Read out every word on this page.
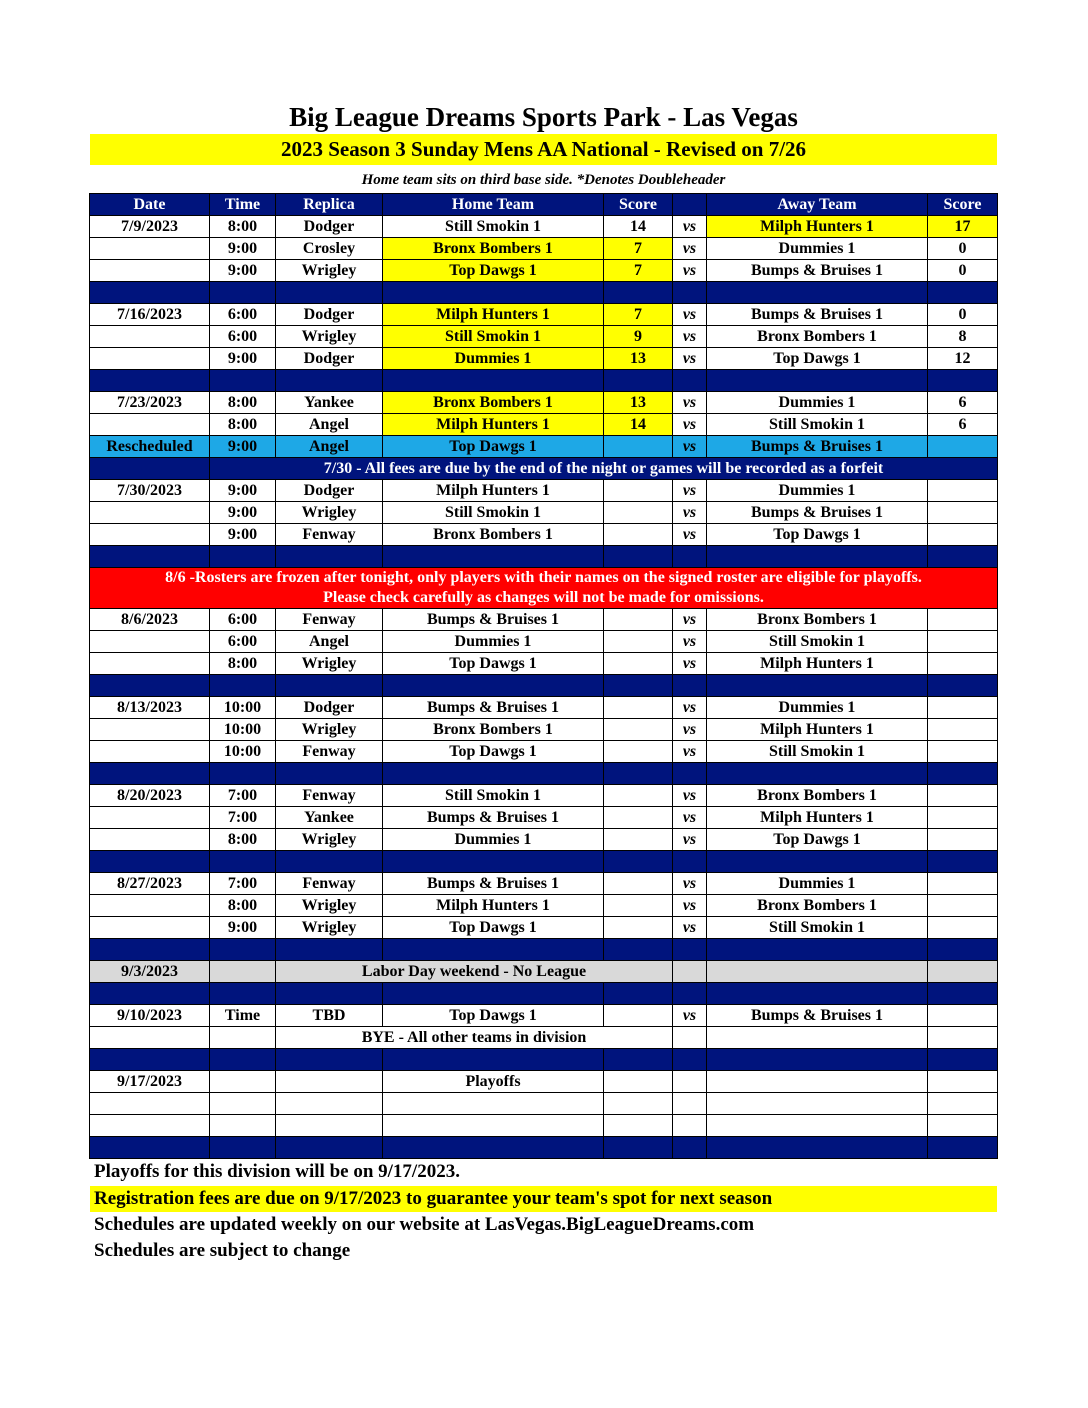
Big League Dreams Sports Park - Las Vegas
2023 Season 3 Sunday Mens AA National - Revised on 7/26
Home team sits on third base side. *Denotes Doubleheader
Date	Time	Replica	Home Team	Score		Away Team	Score
7/9/2023	8:00	Dodger	Still Smokin 1	14	vs	Milph Hunters 1	17
	9:00	Crosley	Bronx Bombers 1	7	vs	Dummies 1	0
	9:00	Wrigley	Top Dawgs 1	7	vs	Bumps & Bruises 1	0

7/16/2023	6:00	Dodger	Milph Hunters 1	7	vs	Bumps & Bruises 1	0
	6:00	Wrigley	Still Smokin 1	9	vs	Bronx Bombers 1	8
	9:00	Dodger	Dummies 1	13	vs	Top Dawgs 1	12

7/23/2023	8:00	Yankee	Bronx Bombers 1	13	vs	Dummies 1	6
	8:00	Angel	Milph Hunters 1	14	vs	Still Smokin 1	6
Rescheduled	9:00	Angel	Top Dawgs 1		vs	Bumps & Bruises 1	
	7/30 - All fees are due by the end of the night or games will be recorded as a forfeit						
7/30/2023	9:00	Dodger	Milph Hunters 1		vs	Dummies 1	
	9:00	Wrigley	Still Smokin 1		vs	Bumps & Bruises 1	
	9:00	Fenway	Bronx Bombers 1		vs	Top Dawgs 1	

8/6 -Rosters are frozen after tonight, only players with their names on the signed roster are eligible for playoffs.
Please check carefully as changes will not be made for omissions.							

8/6/2023	6:00	Fenway	Bumps & Bruises 1		vs	Bronx Bombers 1	
	6:00	Angel	Dummies 1		vs	Still Smokin 1	
	8:00	Wrigley	Top Dawgs 1		vs	Milph Hunters 1	

8/13/2023	10:00	Dodger	Bumps & Bruises 1		vs	Dummies 1	
	10:00	Wrigley	Bronx Bombers 1		vs	Milph Hunters 1	
	10:00	Fenway	Top Dawgs 1		vs	Still Smokin 1	

8/20/2023	7:00	Fenway	Still Smokin 1		vs	Bronx Bombers 1	
	7:00	Yankee	Bumps & Bruises 1		vs	Milph Hunters 1	
	8:00	Wrigley	Dummies 1		vs	Top Dawgs 1	

8/27/2023	7:00	Fenway	Bumps & Bruises 1		vs	Dummies 1	
	8:00	Wrigley	Milph Hunters 1		vs	Bronx Bombers 1	
	9:00	Wrigley	Top Dawgs 1		vs	Still Smokin 1	

9/3/2023		Labor Day weekend - No League					

9/10/2023	Time	TBD	Top Dawgs 1		vs	Bumps & Bruises 1	
		BYE - All other teams in division					

9/17/2023			Playoffs				

Playoffs for this division will be on 9/17/2023.
Registration fees are due on 9/17/2023 to guarantee your team's spot for next season
Schedules are updated weekly on our website at LasVegas.BigLeagueDreams.com
Schedules are subject to change
